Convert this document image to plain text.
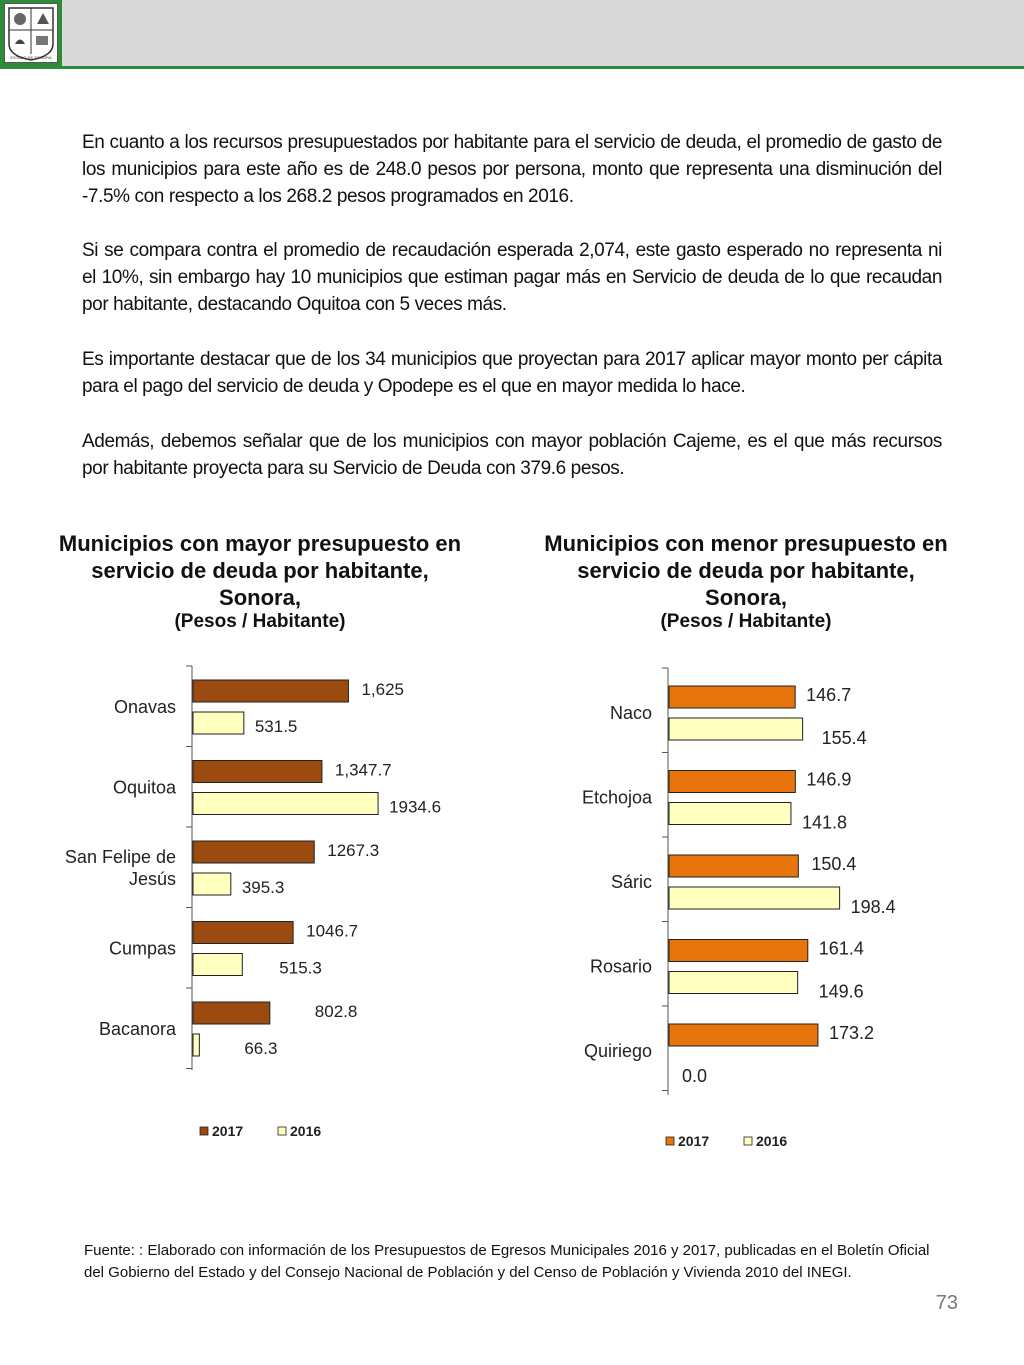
ESTADO DE SONORA

En cuanto a los recursos presupuestados por habitante para el servicio de deuda, el promedio de gasto de los municipios para este año es de 248.0 pesos por persona, monto que representa una disminución del -7.5% con respecto a los 268.2 pesos programados en 2016.

Si se compara contra el promedio de recaudación esperada 2,074, este gasto esperado no representa ni el 10%, sin embargo hay 10 municipios que estiman pagar más en Servicio de deuda de lo que recaudan por habitante, destacando Oquitoa con 5 veces más.

Es importante destacar que de los 34 municipios que proyectan para 2017 aplicar mayor monto per cápita para el pago del servicio de deuda y Opodepe es el que en mayor medida lo hace.

Además, debemos señalar que de los municipios con mayor población Cajeme, es el que más recursos por habitante proyecta para su Servicio de Deuda con 379.6 pesos.

Municipios con mayor presupuesto en servicio de deuda por habitante, Sonora,

(Pesos / Habitante)

Municipios con menor presupuesto en servicio de deuda por habitante, Sonora,

(Pesos / Habitante)

Onavas
1,625
531.5
Oquitoa
1,347.7
1934.6
San Felipe de
Jesús
1267.3
395.3
Cumpas
1046.7
515.3
Bacanora
802.8
66.3
2017	2016
Naco
146.7
155.4
Etchojoa
146.9
141.8
Sáric
150.4
198.4
Rosario
161.4
149.6
Quiriego
173.2
0.0
2017	2016

Fuente: : Elaborado con información de los Presupuestos de Egresos Municipales 2016 y 2017, publicadas en el Boletín Oficial del Gobierno del Estado y del Consejo Nacional de Población y del Censo de Población y Vivienda 2010 del INEGI.

73
